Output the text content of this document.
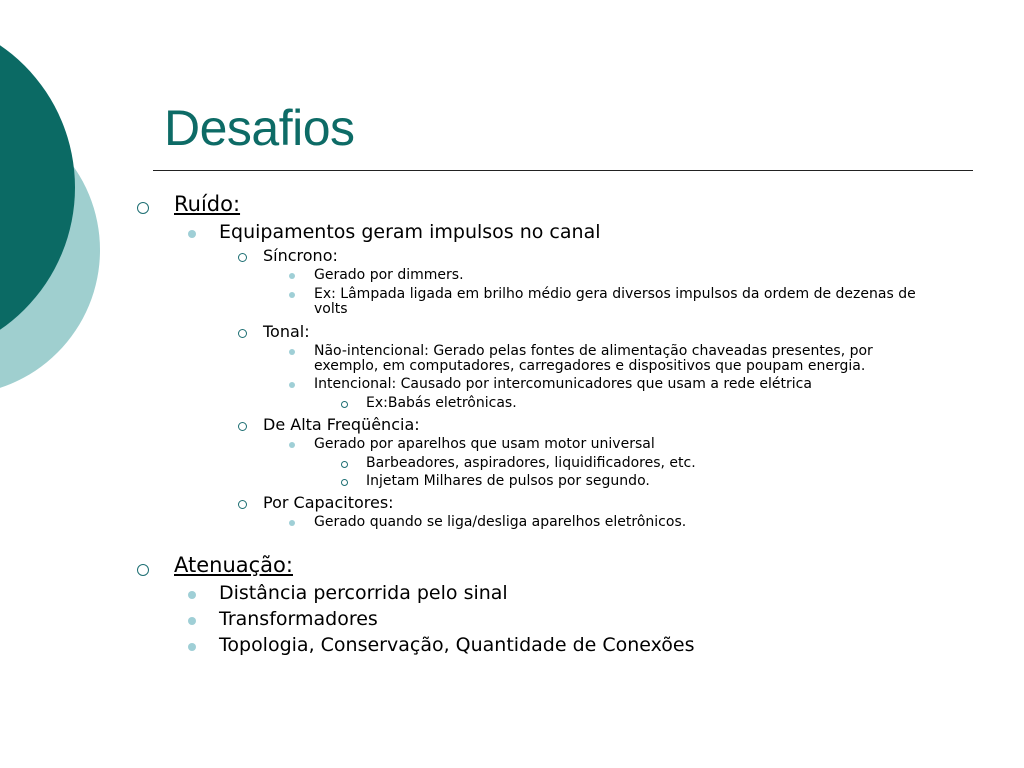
Desafios
Ruído:
Equipamentos geram impulsos no canal
Síncrono:
Gerado por dimmers.
Ex: Lâmpada ligada em brilho médio gera diversos impulsos da ordem de dezenas de
volts
Tonal:
Não-intencional: Gerado pelas fontes de alimentação chaveadas presentes, por
exemplo, em computadores, carregadores e dispositivos que poupam energia.
Intencional: Causado por intercomunicadores que usam a rede elétrica
Ex:Babás eletrônicas.
De Alta Freqüência:
Gerado por aparelhos que usam motor universal
Barbeadores, aspiradores, liquidificadores, etc.
Injetam Milhares de pulsos por segundo.
Por Capacitores:
Gerado quando se liga/desliga aparelhos eletrônicos.
Atenuação:
Distância percorrida pelo sinal
Transformadores
Topologia, Conservação, Quantidade de Conexões
